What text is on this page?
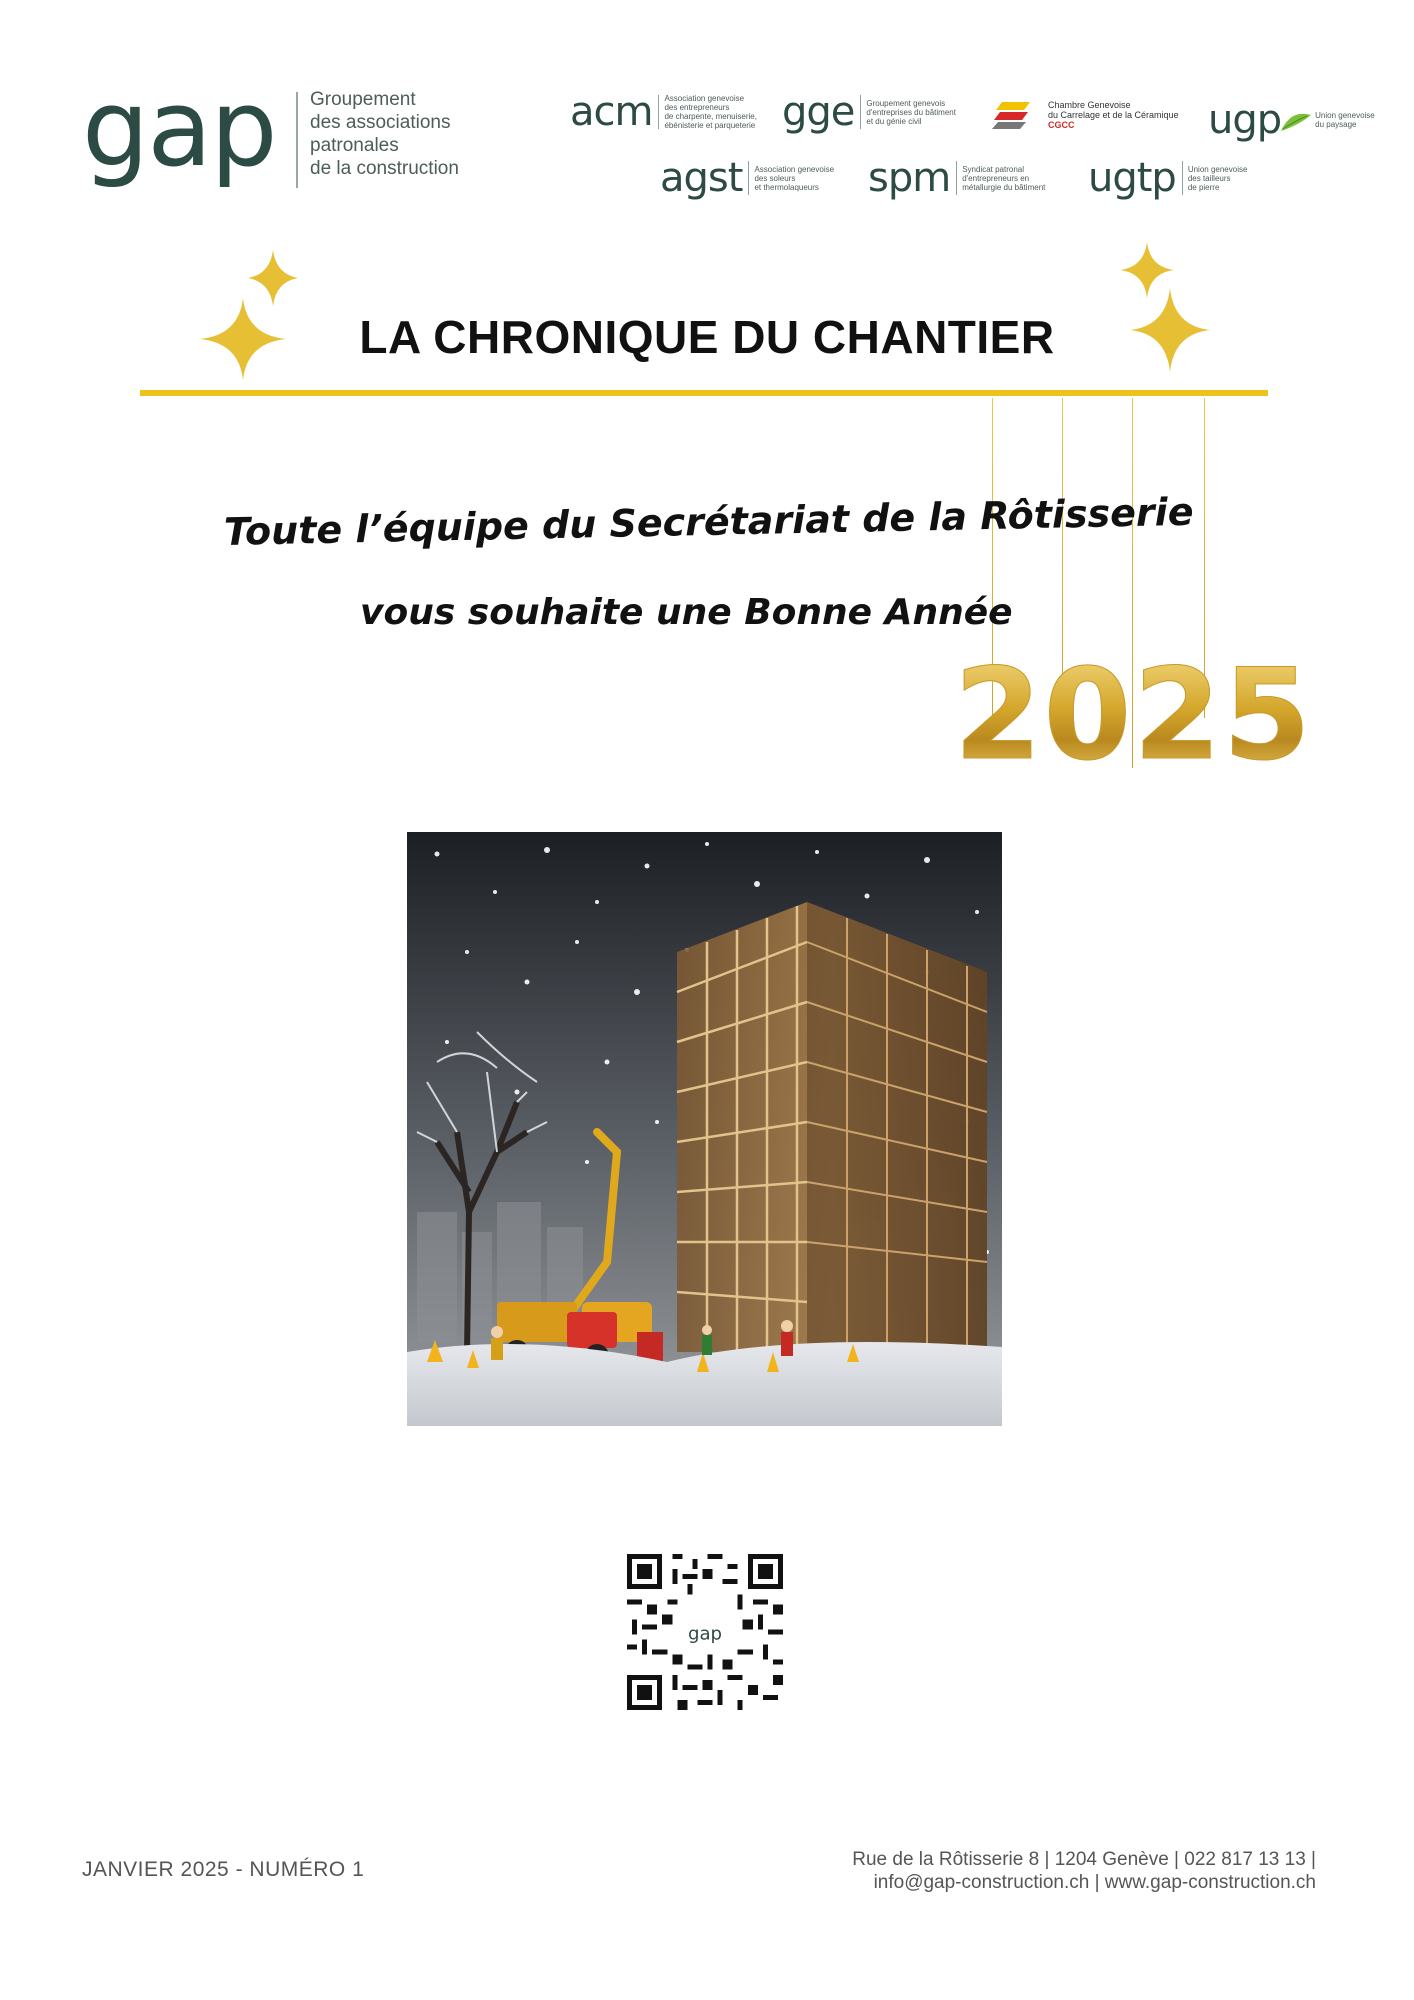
gap Groupement
des associations
patronales
de la construction
acm Association genevoise
des entrepreneurs
de charpente, menuiserie,
ébénisterie et parqueterie gge Groupement genevois
d'entreprises du bâtiment
et du génie civil
Chambre Genevoise
du Carrelage et de la Céramique
CGCC	ugp	Union genevoise
du paysage
agst Association genevoise
des soleurs
et thermolaqueurs	spm Syndicat patronal
d'entrepreneurs en
métallurgie du bâtiment ugtp Union genevoise
des tailleurs
de pierre
LA CHRONIQUE DU CHANTIER
Toute l’équipe du Secrétariat de la Rôtisserie
vous souhaite une Bonne Année
2025
gap
JANVIER 2025 - NUMÉRO 1	Rue de la Rôtisserie 8 | 1204 Genève | 022 817 13 13 |
info@gap-construction.ch | www.gap-construction.ch
